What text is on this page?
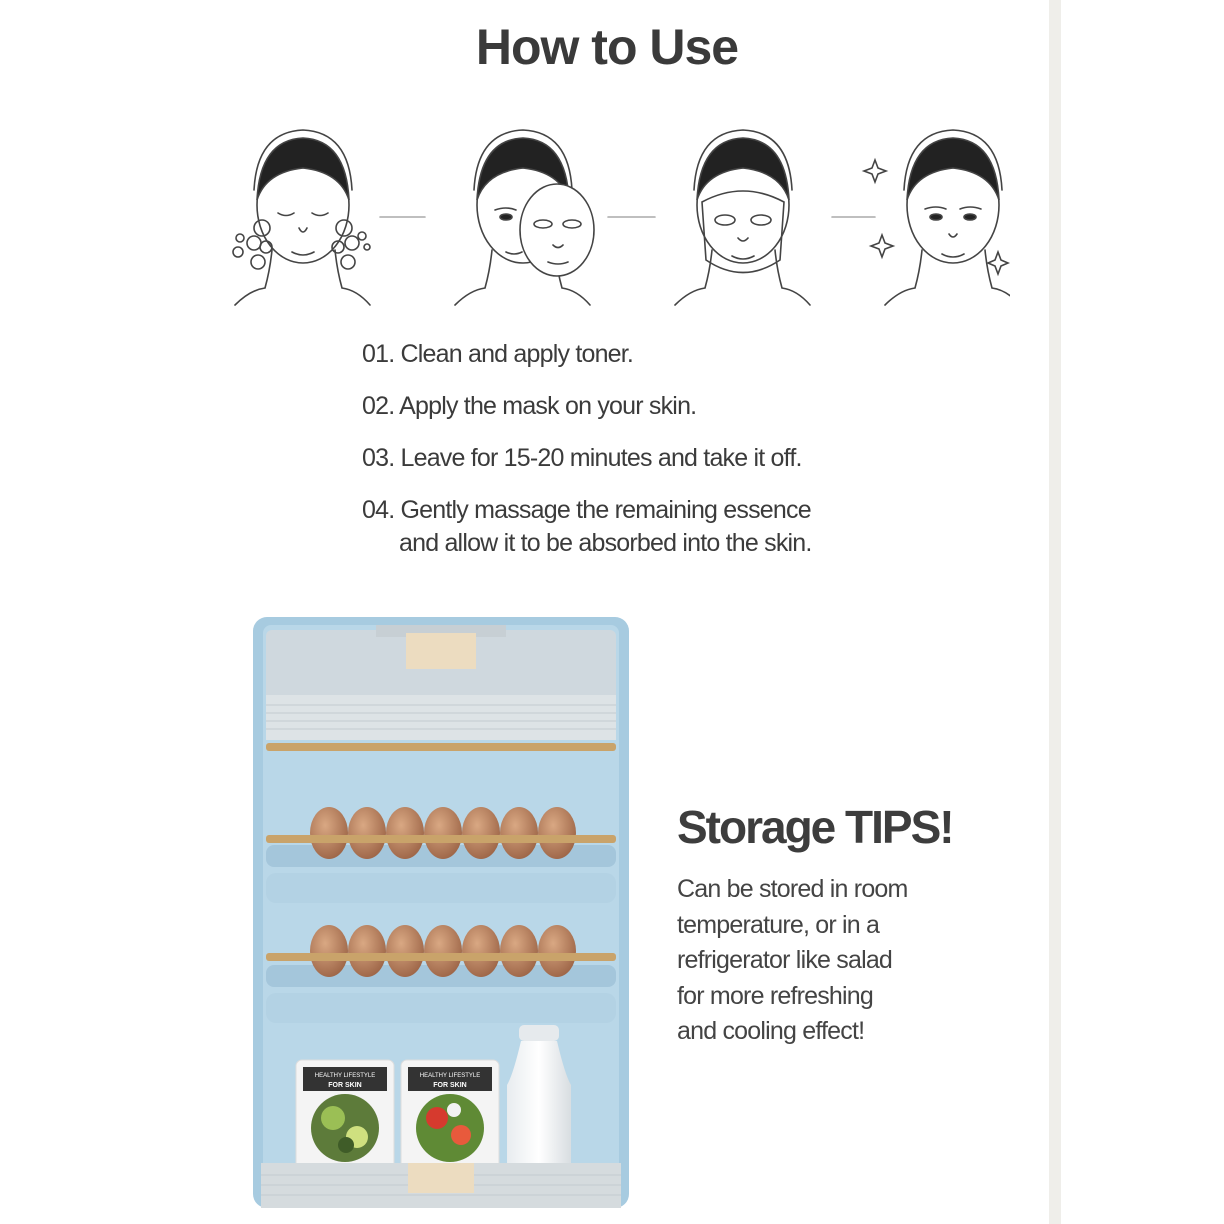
How to Use
01. Clean and apply toner.
02. Apply the mask on your skin.
03. Leave for 15-20 minutes and take it off.
04. Gently massage the remaining essence
and allow it to be absorbed into the skin.
HEALTHY LIFESTYLE
FOR SKIN
HEALTHY LIFESTYLE
FOR SKIN
Storage TIPS!
Can be stored in room
temperature, or in a
refrigerator like salad
for more refreshing
and cooling effect!
